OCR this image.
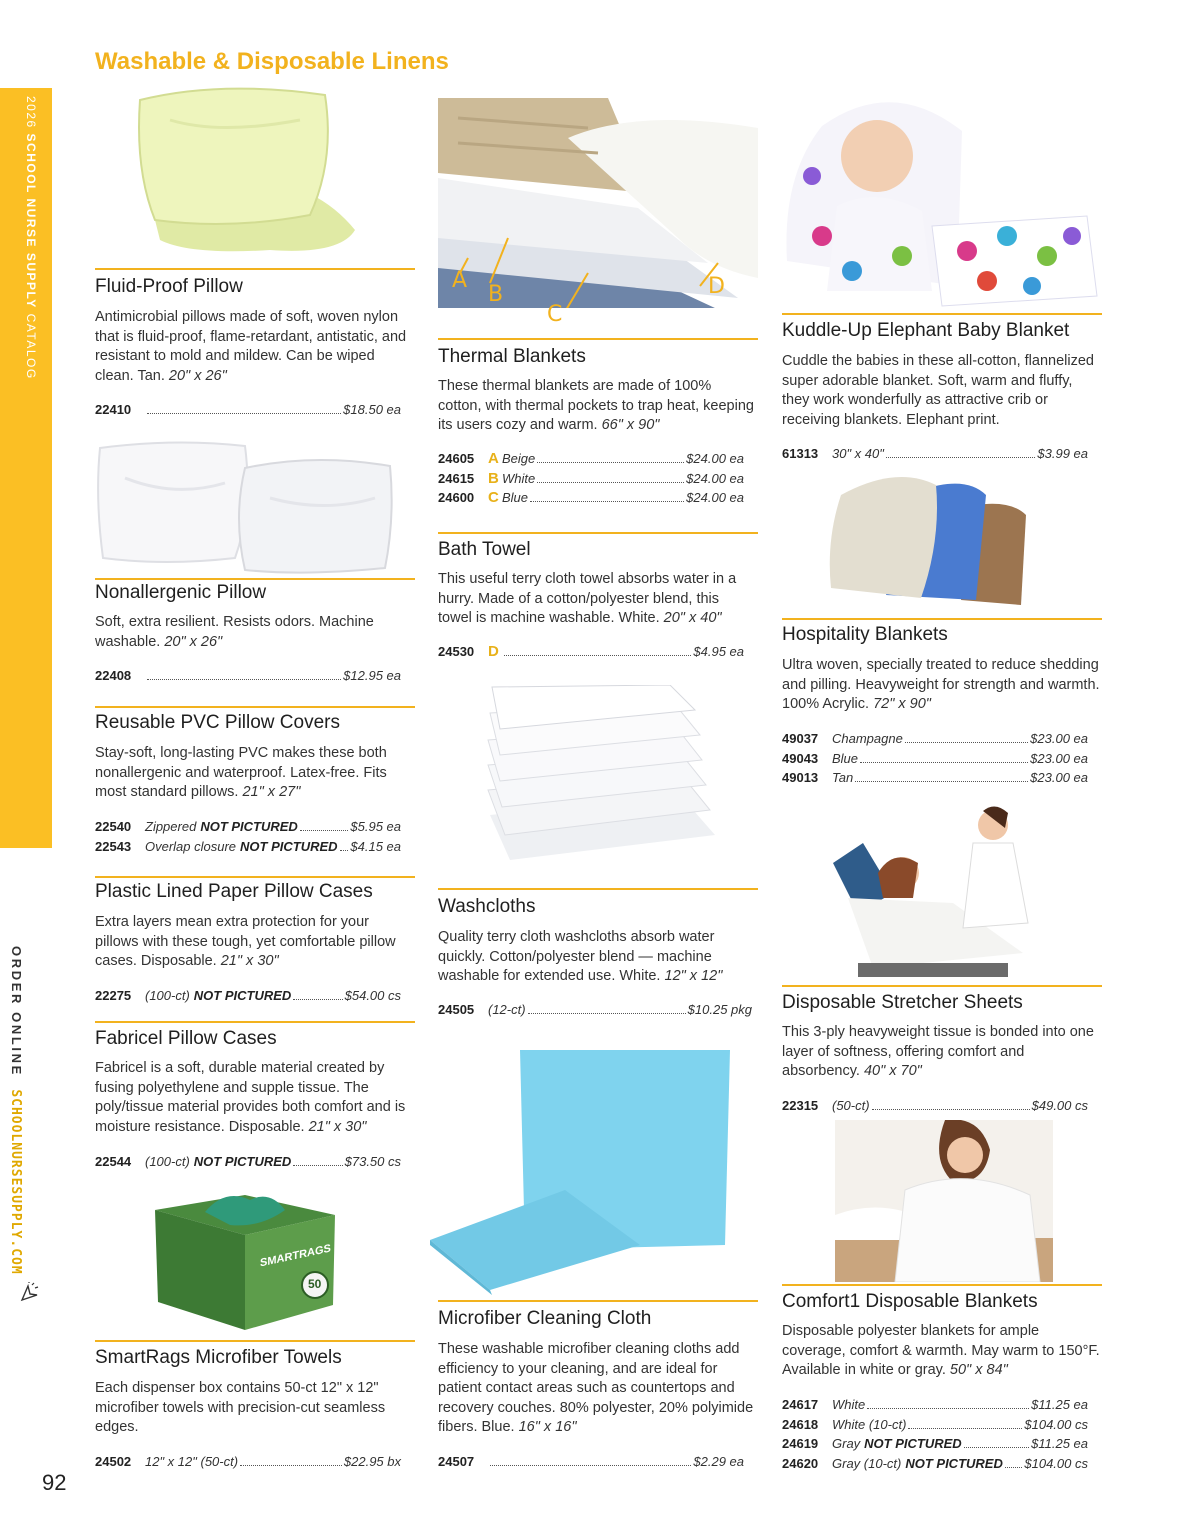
2026 SCHOOL NURSE SUPPLY CATALOG
ORDER ONLINE  SCHOOLNURSESUPPLY.COM
92
Washable & Disposable Linens
Fluid-Proof Pillow
Antimicrobial pillows made of soft, woven nylon that is fluid-proof, flame-retardant, antistatic, and resistant to mold and mildew. Can be wiped clean. Tan. 20" x 26"
22410	$18.50 ea
Nonallergenic Pillow
Soft, extra resilient. Resists odors. Machine washable. 20" x 26"
22408	$12.95 ea
Reusable PVC Pillow Covers
Stay-soft, long-lasting PVC makes these both nonallergenic and waterproof. Latex-free. Fits most standard pillows. 21" x 27"
22540	Zippered NOT PICTURED	$5.95 ea
22543	Overlap closure NOT PICTURED $4.15 ea
Plastic Lined Paper Pillow Cases
Extra layers mean extra protection for your pillows with these tough, yet comfortable pillow cases. Disposable. 21" x 30"
22275	(100-ct) NOT PICTURED	$54.00 cs
Fabricel Pillow Cases
Fabricel is a soft, durable material created by fusing polyethylene and supple tissue. The poly/tissue material provides both comfort and is moisture resistance. Disposable. 21" x 30"
22544	(100-ct) NOT PICTURED	$73.50 cs
SMARTRAGS
50
SmartRags Microfiber Towels
Each dispenser box contains 50-ct 12" x 12" microfiber towels with precision-cut seamless edges.
24502	12" x 12" (50-ct)	$22.95 bx
A
B	D
C
Thermal Blankets
These thermal blankets are made of 100% cotton, with thermal pockets to trap heat, keeping its users cozy and warm. 66" x 90"
24605 A Beige	$24.00 ea
24615 B White	$24.00 ea
24600 C Blue	$24.00 ea
Bath Towel
This useful terry cloth towel absorbs water in a hurry. Made of a cotton/polyester blend, this towel is machine washable. White. 20" x 40"
24530 D	$4.95 ea
Washcloths
Quality terry cloth washcloths absorb water quickly. Cotton/polyester blend — machine washable for extended use. White. 12" x 12"
24505	(12-ct)	$10.25 pkg
Microfiber Cleaning Cloth
These washable microfiber cleaning cloths add efficiency to your cleaning, and are ideal for patient contact areas such as countertops and recovery couches. 80% polyester, 20% polyimide fibers. Blue. 16" x 16"
24507	$2.29 ea
Kuddle-Up Elephant Baby Blanket
Cuddle the babies in these all-cotton, flannelized super adorable blanket. Soft, warm and fluffy, they work wonderfully as attractive crib or receiving blankets. Elephant print.
61313	30" x 40"	$3.99 ea
Hospitality Blankets
Ultra woven, specially treated to reduce shedding and pilling. Heavyweight for strength and warmth. 100% Acrylic. 72" x 90"
49037	Champagne	$23.00 ea
49043	Blue	$23.00 ea
49013	Tan	$23.00 ea
Disposable Stretcher Sheets
This 3-ply heavyweight tissue is bonded into one layer of softness, offering comfort and absorbency. 40" x 70"
22315	(50-ct)	$49.00 cs
Comfort1 Disposable Blankets
Disposable polyester blankets for ample coverage, comfort & warmth. May warm to 150°F. Available in white or gray. 50" x 84"
24617	White	$11.25 ea
24618	White (10-ct)	$104.00 cs
24619	Gray NOT PICTURED	$11.25 ea
24620	Gray (10-ct) NOT PICTURED $104.00 cs
